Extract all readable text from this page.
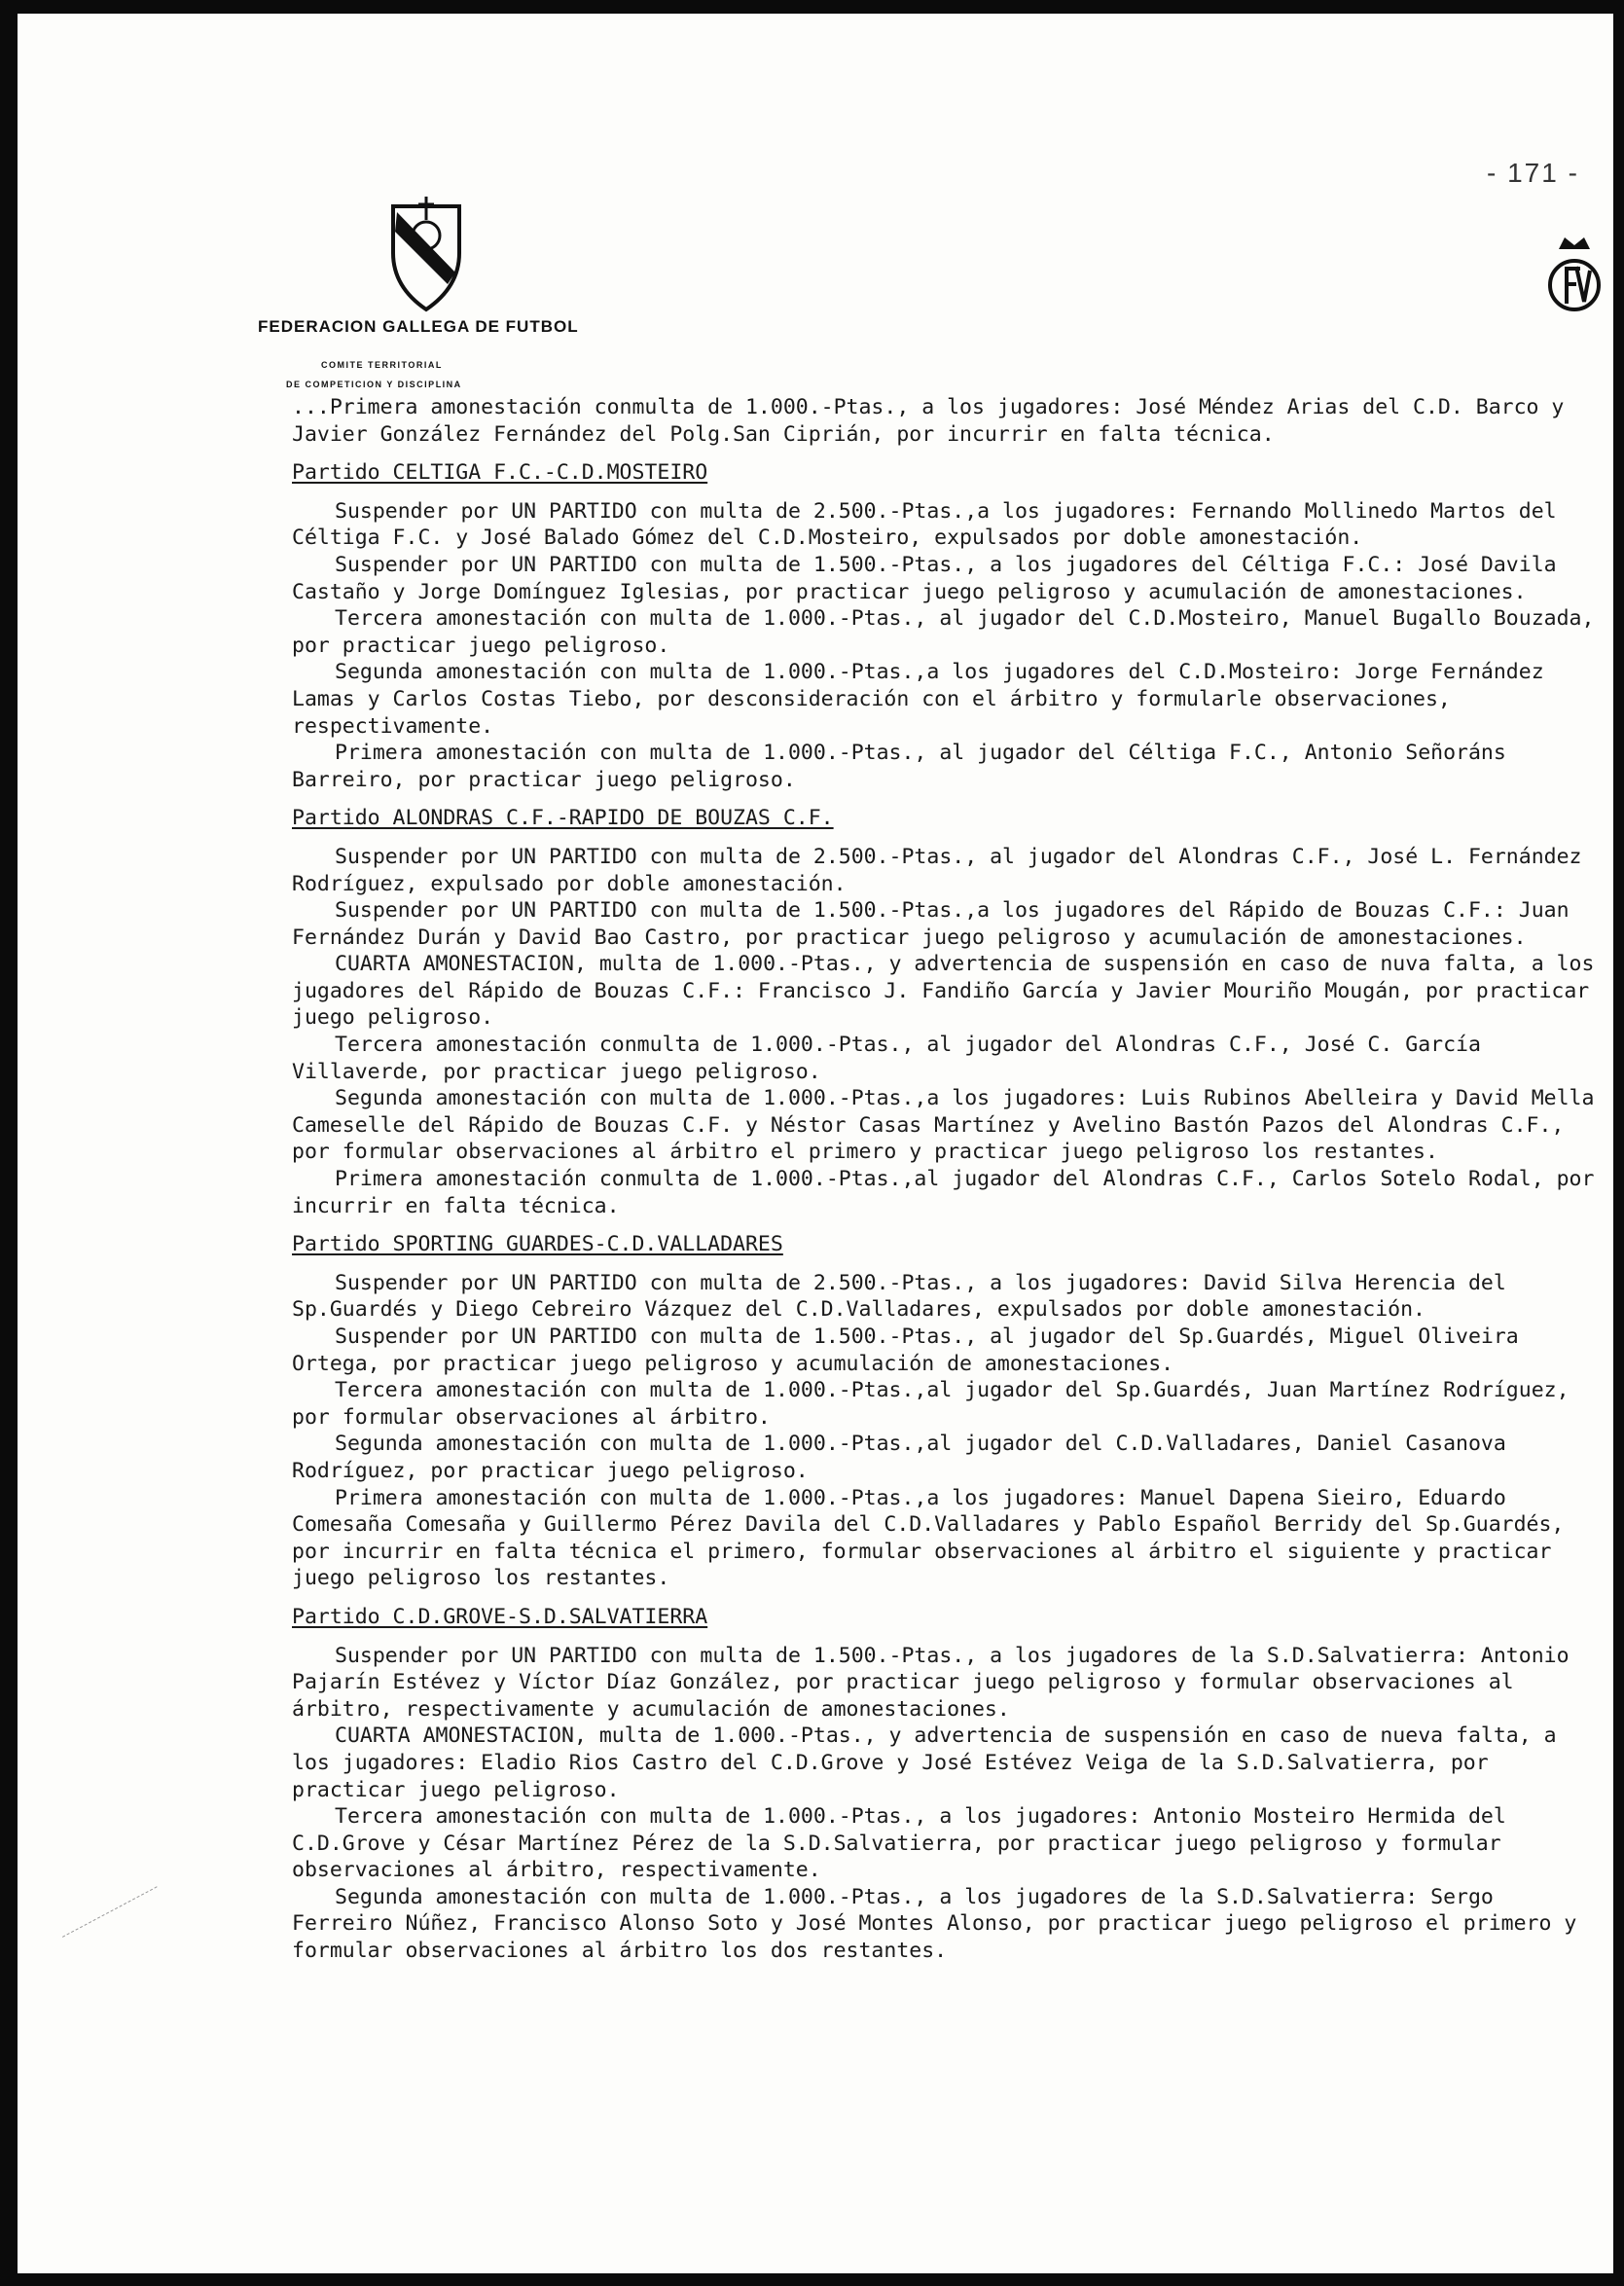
- 171 -
FEDERACION GALLEGA DE FUTBOL
COMITE TERRITORIAL
DE COMPETICION Y DISCIPLINA

...Primera amonestación conmulta de 1.000.-Ptas., a los jugadores: José Méndez Arias del C.D. Barco y Javier González Fernández del Polg.San Ciprián, por incurrir en falta técnica.

Partido CELTIGA F.C.-C.D.MOSTEIRO

Suspender por UN PARTIDO con multa de 2.500.-Ptas.,a los jugadores: Fernando Mollinedo Martos del Céltiga F.C. y José Balado Gómez del C.D.Mosteiro, expulsados por doble amonestación.

Suspender por UN PARTIDO con multa de 1.500.-Ptas., a los jugadores del Céltiga F.C.: José Davila Castaño y Jorge Domínguez Iglesias, por practicar juego peligroso y acumulación de amonestaciones.

Tercera amonestación con multa de 1.000.-Ptas., al jugador del C.D.Mosteiro, Manuel Bugallo Bouzada, por practicar juego peligroso.

Segunda amonestación con multa de 1.000.-Ptas.,a los jugadores del C.D.Mosteiro: Jorge Fernández Lamas y Carlos Costas Tiebo, por desconsideración con el árbitro y formularle observaciones, respectivamente.

Primera amonestación con multa de 1.000.-Ptas., al jugador del Céltiga F.C., Antonio Señoráns Barreiro, por practicar juego peligroso.

Partido ALONDRAS C.F.-RAPIDO DE BOUZAS C.F.

Suspender por UN PARTIDO con multa de 2.500.-Ptas., al jugador del Alondras C.F., José L. Fernández Rodríguez, expulsado por doble amonestación.

Suspender por UN PARTIDO con multa de 1.500.-Ptas.,a los jugadores del Rápido de Bouzas C.F.: Juan Fernández Durán y David Bao Castro, por practicar juego peligroso y acumulación de amonestaciones.

CUARTA AMONESTACION, multa de 1.000.-Ptas., y advertencia de suspensión en caso de nuva falta, a los jugadores del Rápido de Bouzas C.F.: Francisco J. Fandiño García y Javier Mouriño Mougán, por practicar juego peligroso.

Tercera amonestación conmulta de 1.000.-Ptas., al jugador del Alondras C.F., José C. García Villaverde, por practicar juego peligroso.

Segunda amonestación con multa de 1.000.-Ptas.,a los jugadores: Luis Rubinos Abelleira y David Mella Cameselle del Rápido de Bouzas C.F. y Néstor Casas Martínez y Avelino Bastón Pazos del Alondras C.F., por formular observaciones al árbitro el primero y practicar juego peligroso los restantes.

Primera amonestación conmulta de 1.000.-Ptas.,al jugador del Alondras C.F., Carlos Sotelo Rodal, por incurrir en falta técnica.

Partido SPORTING GUARDES-C.D.VALLADARES

Suspender por UN PARTIDO con multa de 2.500.-Ptas., a los jugadores: David Silva Herencia del Sp.Guardés y Diego Cebreiro Vázquez del C.D.Valladares, expulsados por doble amonestación.

Suspender por UN PARTIDO con multa de 1.500.-Ptas., al jugador del Sp.Guardés, Miguel Oliveira Ortega, por practicar juego peligroso y acumulación de amonestaciones.

Tercera amonestación con multa de 1.000.-Ptas.,al jugador del Sp.Guardés, Juan Martínez Rodríguez, por formular observaciones al árbitro.

Segunda amonestación con multa de 1.000.-Ptas.,al jugador del C.D.Valladares, Daniel Casanova Rodríguez, por practicar juego peligroso.

Primera amonestación con multa de 1.000.-Ptas.,a los jugadores: Manuel Dapena Sieiro, Eduardo Comesaña Comesaña y Guillermo Pérez Davila del C.D.Valladares y Pablo Español Berridy del Sp.Guardés, por incurrir en falta técnica el primero, formular observaciones al árbitro el siguiente y practicar juego peligroso los restantes.

Partido C.D.GROVE-S.D.SALVATIERRA

Suspender por UN PARTIDO con multa de 1.500.-Ptas., a los jugadores de la S.D.Salvatierra: Antonio Pajarín Estévez y Víctor Díaz González, por practicar juego peligroso y formular observaciones al árbitro, respectivamente y acumulación de amonestaciones.

CUARTA AMONESTACION, multa de 1.000.-Ptas., y advertencia de suspensión en caso de nueva falta, a los jugadores: Eladio Rios Castro del C.D.Grove y José Estévez Veiga de la S.D.Salvatierra, por practicar juego peligroso.

Tercera amonestación con multa de 1.000.-Ptas., a los jugadores: Antonio Mosteiro Hermida del C.D.Grove y César Martínez Pérez de la S.D.Salvatierra, por practicar juego peligroso y formular observaciones al árbitro, respectivamente.

Segunda amonestación con multa de 1.000.-Ptas., a los jugadores de la S.D.Salvatierra: Sergo Ferreiro Núñez, Francisco Alonso Soto y José Montes Alonso, por practicar juego peligroso el primero y formular observaciones al árbitro los dos restantes.
